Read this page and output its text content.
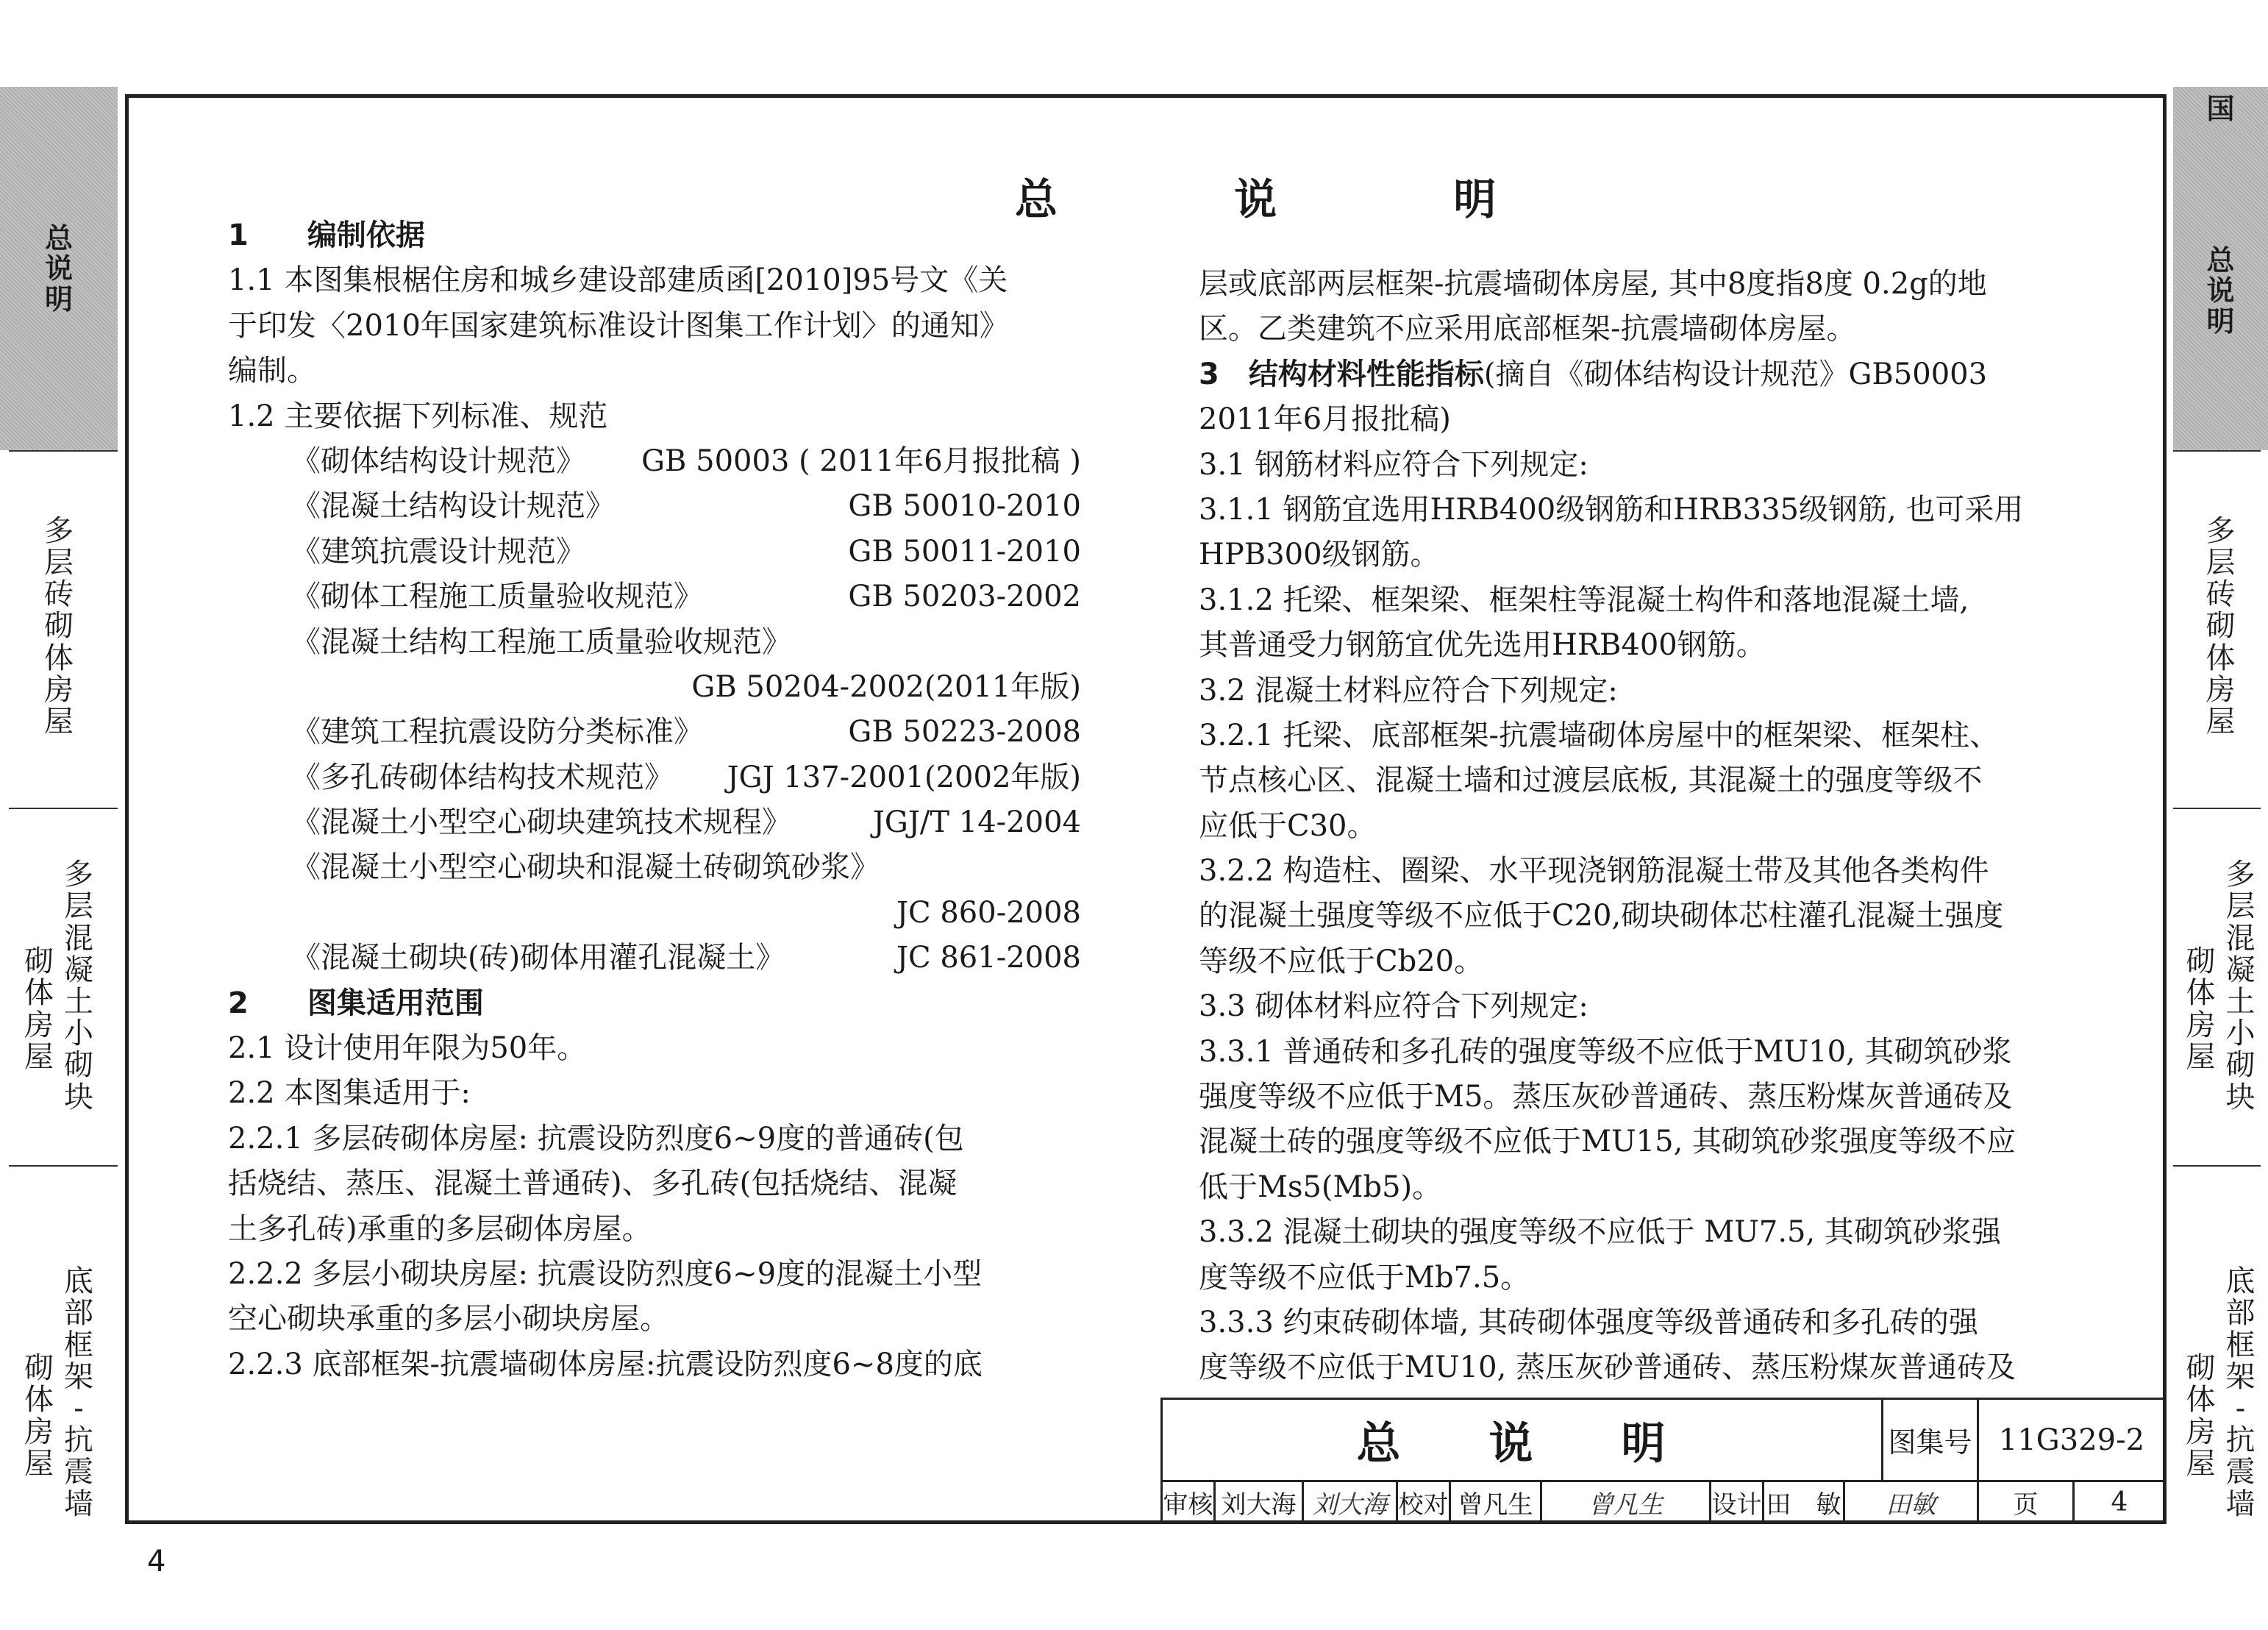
总
说
明
多
层
砖
砌
体
房
屋
多
层
混
凝
土
小
砌
块
砌
体
房
屋
底
部
框
架
-
抗
震
墙
砌
体
房
屋
国
总
说
明
多
层
砖
砌
体
房
屋
多
层
混
凝
土
小
砌
块
砌
体
房
屋
底
部
框
架
-
抗
震
墙
砌
体
房
屋
总 说 明
1　　编制依据
1.1 本图集根椐住房和城乡建设部建质函[2010]95号文《关
于印发〈2010年国家建筑标准设计图集工作计划〉的通知》
编制。
1.2 主要依据下列标准、规范
《砌体结构设计规范》 GB 50003 ( 2011年6月报批稿 )
《混凝土结构设计规范》	GB 50010-2010
《建筑抗震设计规范》	GB 50011-2010
《砌体工程施工质量验收规范》	GB 50203-2002
《混凝土结构工程施工质量验收规范》
GB 50204-2002(2011年版)
《建筑工程抗震设防分类标准》	GB 50223-2008
《多孔砖砌体结构技术规范》 JGJ 137-2001(2002年版)
《混凝土小型空心砌块建筑技术规程》	JGJ/T 14-2004
《混凝土小型空心砌块和混凝土砖砌筑砂浆》
JC 860-2008
《混凝土砌块(砖)砌体用灌孔混凝土》	JC 861-2008
2　　图集适用范围
2.1 设计使用年限为50年。
2.2 本图集适用于:
2.2.1 多层砖砌体房屋: 抗震设防烈度6~9度的普通砖(包
括烧结、蒸压、混凝土普通砖)、多孔砖(包括烧结、混凝
土多孔砖)承重的多层砌体房屋。
2.2.2 多层小砌块房屋: 抗震设防烈度6~9度的混凝土小型
空心砌块承重的多层小砌块房屋。
2.2.3 底部框架-抗震墙砌体房屋:抗震设防烈度6~8度的底
层或底部两层框架-抗震墙砌体房屋, 其中8度指8度 0.2g的地
区。乙类建筑不应采用底部框架-抗震墙砌体房屋。
3　结构材料性能指标(摘自《砌体结构设计规范》GB50003
2011年6月报批稿)
3.1 钢筋材料应符合下列规定:
3.1.1 钢筋宜选用HRB400级钢筋和HRB335级钢筋, 也可采用
HPB300级钢筋。
3.1.2 托梁、框架梁、框架柱等混凝土构件和落地混凝土墙,
其普通受力钢筋宜优先选用HRB400钢筋。
3.2 混凝土材料应符合下列规定:
3.2.1 托梁、底部框架-抗震墙砌体房屋中的框架梁、框架柱、
节点核心区、混凝土墙和过渡层底板, 其混凝土的强度等级不
应低于C30。
3.2.2 构造柱、圈梁、水平现浇钢筋混凝土带及其他各类构件
的混凝土强度等级不应低于C20,砌块砌体芯柱灌孔混凝土强度
等级不应低于Cb20。
3.3 砌体材料应符合下列规定:
3.3.1 普通砖和多孔砖的强度等级不应低于MU10, 其砌筑砂浆
强度等级不应低于M5。蒸压灰砂普通砖、蒸压粉煤灰普通砖及
混凝土砖的强度等级不应低于MU15, 其砌筑砂浆强度等级不应
低于Ms5(Mb5)。
3.3.2 混凝土砌块的强度等级不应低于 MU7.5, 其砌筑砂浆强
度等级不应低于Mb7.5。
3.3.3 约束砖砌体墙, 其砖砌体强度等级普通砖和多孔砖的强
度等级不应低于MU10, 蒸压灰砂普通砖、蒸压粉煤灰普通砖及
总　说　明	图集号 11G329-2
审核 刘大海 刘大海 校对 曾凡生	曾凡生	设计 田　敏	田敏	页	4
4
